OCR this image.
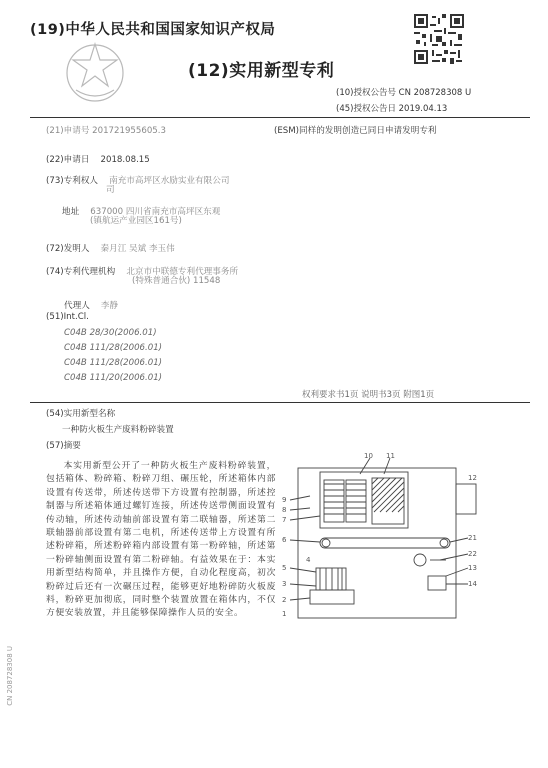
(19)中华人民共和国国家知识产权局
(12)实用新型专利
(10)授权公告号 CN 208728308 U
(45)授权公告日 2019.04.13
(21)申请号 201721955605.3	(ESM)同样的发明创造已同日申请发明专利
(22)申请日 2018.08.15
(73)专利权人 南充市高坪区水励实业有限公司
司
地址 637000 四川省南充市高坪区东观
(镇航运产业园区161号)
(72)发明人 秦月江 吴斌 李玉伟
(74)专利代理机构 北京市中联德专利代理事务所
(特殊普通合伙) 11548
代理人 李静
(51)Int.Cl.
C04B 28/30(2006.01)
C04B 111/28(2006.01)
C04B 111/28(2006.01)
C04B 111/20(2006.01)
权利要求书1页 说明书3页 附图1页
(54)实用新型名称
一种防火板生产废料粉碎装置
(57)摘要
本实用新型公开了一种防火板生产废料粉碎装置，包括箱体、粉碎箱、粉碎刀组、碾压轮，所述箱体内部设置有传送带，所述传送带下方设置有控制器，所述控制器与所述箱体通过螺钉连接，所述传送带侧面设置有传动轴，所述传动轴前部设置有第二联轴器，所述第二联轴器前部设置有第二电机，所述传送带上方设置有所述粉碎箱，所述粉碎箱内部设置有第一粉碎轴，所述第一粉碎轴侧面设置有第二粉碎轴。有益效果在于：本实用新型结构简单，并且操作方便，自动化程度高，初次粉碎过后还有一次碾压过程，能够更好地粉碎防火板废料，粉碎更加彻底，同时整个装置放置在箱体内，不仅方便安装放置，并且能够保障操作人员的安全。
CN 208728308 U
9
8
7
6
5
3
2
10 11
12
21
22
13
14
1
4
